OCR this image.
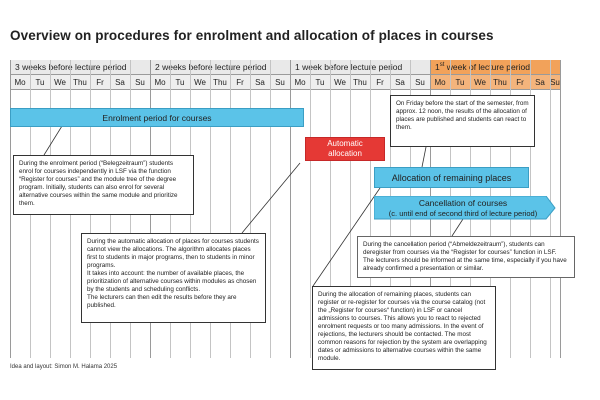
Overview on procedures for enrolment and allocation of places in courses
3 weeks before lecture period	2 weeks before lecture period	1 week before lecture period	1st week of lecture period
Mo	Tu	We Thu	Fr	Sa	Su	Mo	Tu	We Thu	Fr	Sa	Su	Mo	Tu	We Thu	Fr	Sa	Su	Mo	Tu	We Thu	Fr	Sa Su
Enrolment period for courses
Automatic
allocation
Allocation of remaining places
Cancellation of courses
(c. until end of second third of lecture period)
During the enrolment period (“Belegzeitraum”) students enrol for courses independently in LSF via the function “Register for courses” and the module tree of the degree program. Initially, students can also enrol for several alternative courses within the same module and prioritize them.
On Friday before the start of the semester, from approx. 12 noon, the results of the allocation of places are published and students can react to them.
During the automatic allocation of places for courses students cannot view the allocations. The algorithm allocates places first to students in major programs, then to students in minor programs.
It takes into account: the number of available places, the prioritization of alternative courses within modules as chosen by the students and scheduling conflicts.
The lecturers can then edit the results before they are published.
During the cancellation period (“Abmeldezeitraum”), students can deregister from courses via the “Register for courses” function in LSF. The lecturers should be informed at the same time, especially if you have already confirmed a presentation or similar.
During the allocation of remaining places, students can register or re-register for courses via the course catalog (not the „Register for courses“ function) in LSF or cancel admissions to courses. This allows you to react to rejected enrolment requests or too many admissions. In the event of rejections, the lecturers should be contacted. The most common reasons for rejection by the system are overlapping dates or admissions to alternative courses within the same module.
Idea and layout: Simon M. Halama 2025
